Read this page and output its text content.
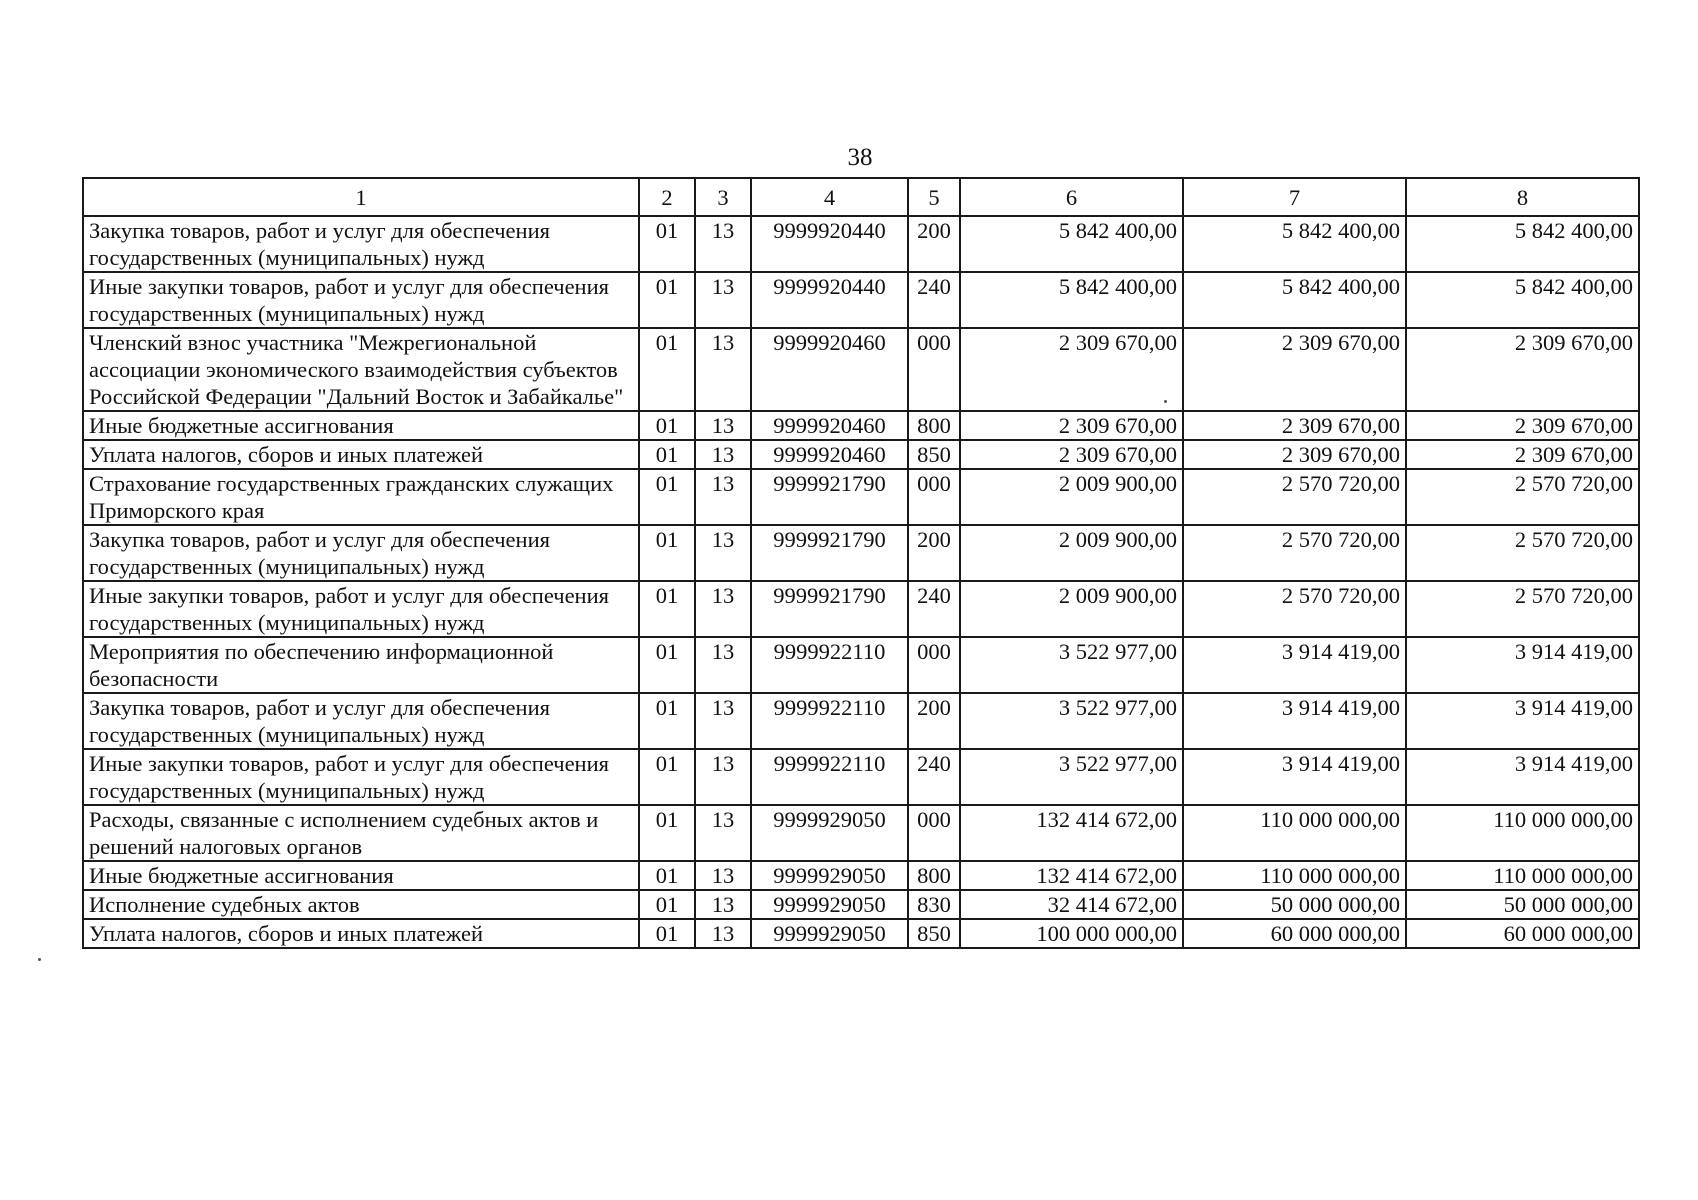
38
1	2	3	4	5	6	7	8
Закупка товаров, работ и услуг для обеспечения государственных (муниципальных) нужд	01	13	9999920440	200	5 842 400,00	5 842 400,00	5 842 400,00
Иные закупки товаров, работ и услуг для обеспечения государственных (муниципальных) нужд	01	13	9999920440	240	5 842 400,00	5 842 400,00	5 842 400,00
Членский взнос участника "Межрегиональной ассоциации экономического взаимодействия субъектов Российской Федерации "Дальний Восток и Забайкалье"	01	13	9999920460	000	2 309 670,00	2 309 670,00	2 309 670,00
Иные бюджетные ассигнования	01	13	9999920460	800	2 309 670,00	2 309 670,00	2 309 670,00
Уплата налогов, сборов и иных платежей	01	13	9999920460	850	2 309 670,00	2 309 670,00	2 309 670,00
Страхование государственных гражданских служащих Приморского края	01	13	9999921790	000	2 009 900,00	2 570 720,00	2 570 720,00
Закупка товаров, работ и услуг для обеспечения государственных (муниципальных) нужд	01	13	9999921790	200	2 009 900,00	2 570 720,00	2 570 720,00
Иные закупки товаров, работ и услуг для обеспечения государственных (муниципальных) нужд	01	13	9999921790	240	2 009 900,00	2 570 720,00	2 570 720,00
Мероприятия по обеспечению информационной безопасности	01	13	9999922110	000	3 522 977,00	3 914 419,00	3 914 419,00
Закупка товаров, работ и услуг для обеспечения государственных (муниципальных) нужд	01	13	9999922110	200	3 522 977,00	3 914 419,00	3 914 419,00
Иные закупки товаров, работ и услуг для обеспечения государственных (муниципальных) нужд	01	13	9999922110	240	3 522 977,00	3 914 419,00	3 914 419,00
Расходы, связанные с исполнением судебных актов и решений налоговых органов	01	13	9999929050	000	132 414 672,00	110 000 000,00	110 000 000,00
Иные бюджетные ассигнования	01	13	9999929050	800	132 414 672,00	110 000 000,00	110 000 000,00
Исполнение судебных актов	01	13	9999929050	830	32 414 672,00	50 000 000,00	50 000 000,00
Уплата налогов, сборов и иных платежей	01	13	9999929050	850	100 000 000,00	60 000 000,00	60 000 000,00
